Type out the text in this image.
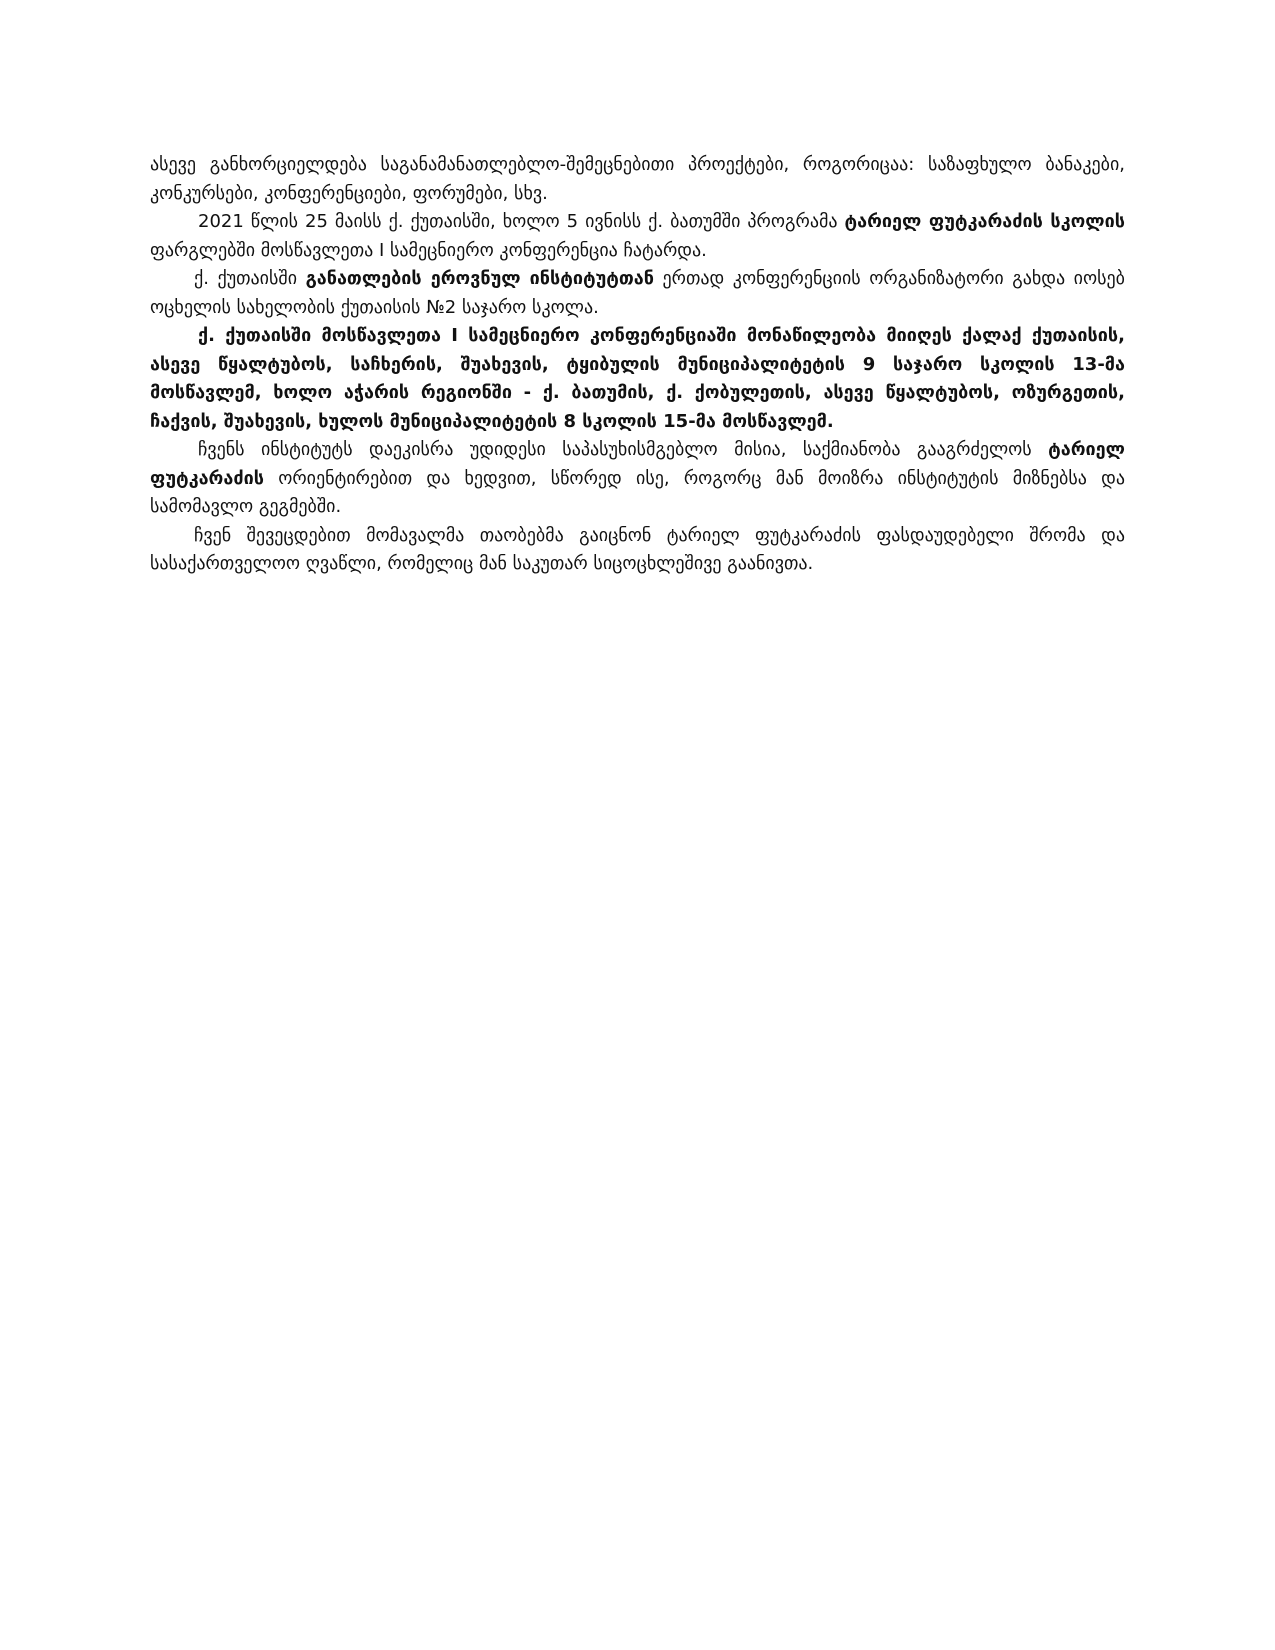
ასევე განხორციელდება საგანამანათლებლო-შემეცნებითი პროექტები, როგორიცაა: საზაფხულო ბანაკები, კონკურსები, კონფერენციები, ფორუმები, სხვ.

2021 წლის 25 მაისს ქ. ქუთაისში, ხოლო 5 ივნისს ქ. ბათუმში პროგრამა ტარიელ ფუტკარაძის სკოლის ფარგლებში მოსწავლეთა I სამეცნიერო კონფერენცია ჩატარდა.

ქ. ქუთაისში განათლების ეროვნულ ინსტიტუტთან ერთად კონფერენციის ორგანიზატორი გახდა იოსებ ოცხელის სახელობის ქუთაისის №2 საჯარო სკოლა.

ქ. ქუთაისში მოსწავლეთა I სამეცნიერო კონფერენციაში მონაწილეობა მიიღეს ქალაქ ქუთაისის, ასევე წყალტუბოს, საჩხერის, შუახევის, ტყიბულის მუნიციპალიტეტის 9 საჯარო სკოლის 13-მა მოსწავლემ, ხოლო აჭარის რეგიონში - ქ. ბათუმის, ქ. ქობულეთის, ასევე წყალტუბოს, ოზურგეთის, ჩაქვის, შუახევის, ხულოს მუნიციპალიტეტის 8 სკოლის 15-მა მოსწავლემ.

ჩვენს ინსტიტუტს დაეკისრა უდიდესი საპასუხისმგებლო მისია, საქმიანობა გააგრძელოს ტარიელ ფუტკარაძის ორიენტირებით და ხედვით, სწორედ ისე, როგორც მან მოიზრა ინსტიტუტის მიზნებსა და სამომავლო გეგმებში.

ჩვენ შევეცდებით მომავალმა თაობებმა გაიცნონ ტარიელ ფუტკარაძის ფასდაუდებელი შრომა და სასაქართველოო ღვაწლი, რომელიც მან საკუთარ სიცოცხლეშივე გაანივთა.
